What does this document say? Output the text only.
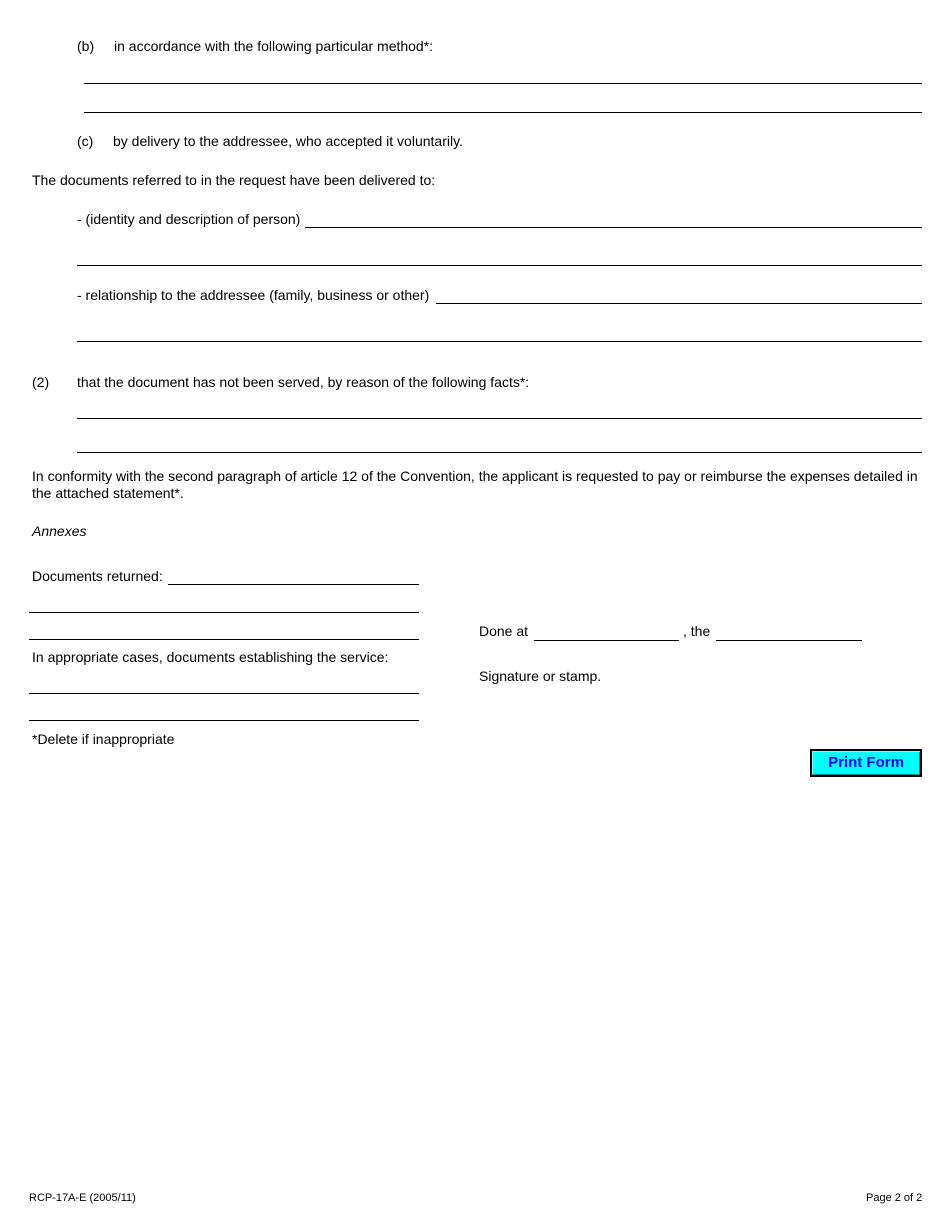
(b) in accordance with the following particular method*:
(c) by delivery to the addressee, who accepted it voluntarily.
The documents referred to in the request have been delivered to:
- (identity and description of person)
- relationship to the addressee (family, business or other)
(2) that the document has not been served, by reason of the following facts*:
In conformity with the second paragraph of article 12 of the Convention, the applicant is requested to pay or reimburse the expenses detailed in the attached statement*.
Annexes
Documents returned:
Done at	, the
In appropriate cases, documents establishing the service:
Signature or stamp.
*Delete if inappropriate
Print Form
RCP-17A-E (2005/11)	Page 2 of 2
